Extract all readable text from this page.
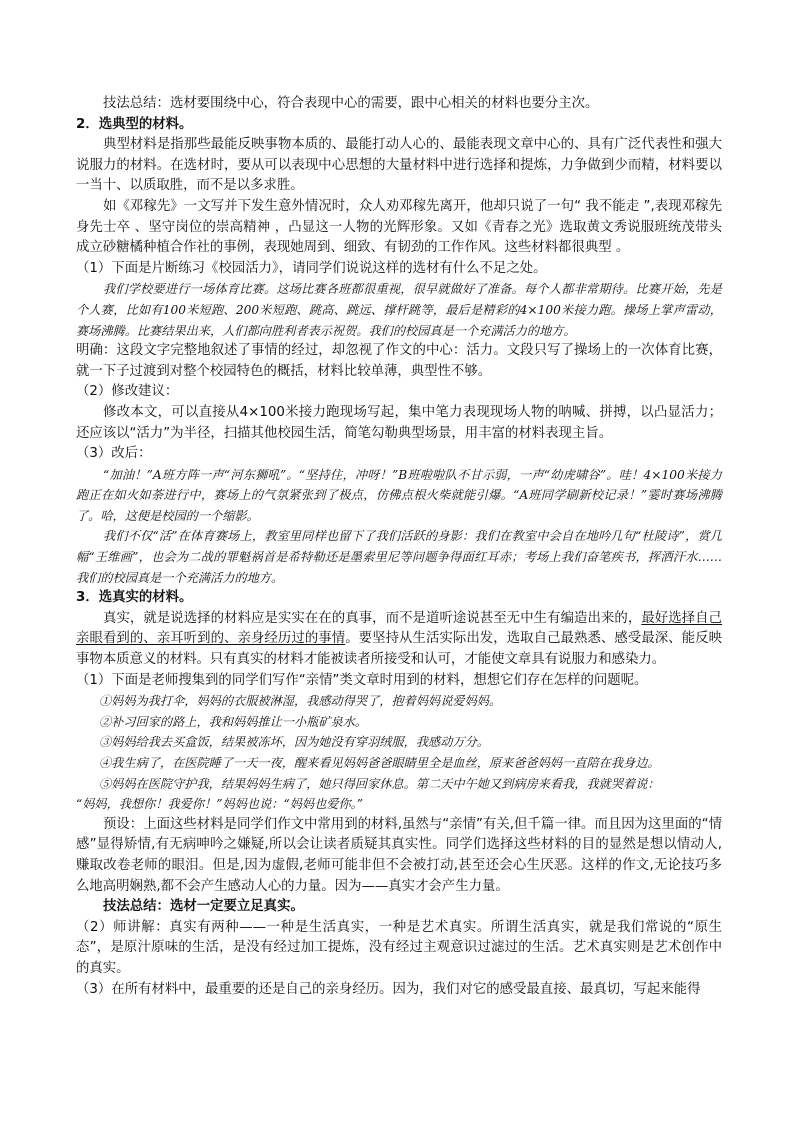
技法总结：选材要围绕中心，符合表现中心的需要，跟中心相关的材料也要分主次。

2．选典型的材料。

典型材料是指那些最能反映事物本质的、最能打动人心的、最能表现文章中心的、具有广泛代表性和强大说服力的材料。在选材时，要从可以表现中心思想的大量材料中进行选择和提炼，力争做到少而精，材料要以一当十、以质取胜，而不是以多求胜。

如《邓稼先》一文写并下发生意外情况时，众人劝邓稼先离开，他却只说了一句“ 我不能走 ”,表现邓稼先身先士卒 、坚守岗位的崇高精神 ，凸显这一人物的光辉形象。又如《青春之光》选取黄文秀说服班统茂带头成立砂糖橘种植合作社的事例，表现她周到、细致、有韧劲的工作作风。这些材料都很典型 。

（1）下面是片断练习《校园活力》，请同学们说说这样的选材有什么不足之处。

我们学校要进行一场体育比赛。这场比赛各班都很重视，很早就做好了准备。每个人都非常期待。比赛开始，先是个人赛，比如有100米短跑、200米短跑、跳高、跳远、撑杆跳等，最后是精彩的4×100米接力跑。操场上掌声雷动，赛场沸腾。比赛结果出来，人们都向胜利者表示祝贺。我们的校园真是一个充满活力的地方。

明确：这段文字完整地叙述了事情的经过，却忽视了作文的中心：活力。文段只写了操场上的一次体育比赛，就一下子过渡到对整个校园特色的概括，材料比较单薄，典型性不够。

（2）修改建议：

修改本文，可以直接从4×100米接力跑现场写起，集中笔力表现现场人物的呐喊、拼搏，以凸显活力；还应该以“活力”为半径，扫描其他校园生活，简笔勾勒典型场景，用丰富的材料表现主旨。

（3）改后：

“加油！”A班方阵一声“河东狮吼”。“坚持住，冲呀！”B班啦啦队不甘示弱，一声“幼虎啸谷”。哇！4×100米接力跑正在如火如荼进行中，赛场上的气氛紧张到了极点，仿佛点根火柴就能引爆。“A班同学刷新校记录！”霎时赛场沸腾了。哈，这便是校园的一个缩影。

我们不仅“活”在体育赛场上，教室里同样也留下了我们活跃的身影：我们在教室中会自在地吟几句“杜陵诗”，赏几幅“王维画”，也会为二战的罪魁祸首是希特勒还是墨索里尼等问题争得面红耳赤；考场上我们奋笔疾书，挥洒汗水……我们的校园真是一个充满活力的地方。

3．选真实的材料。

真实，就是说选择的材料应是实实在在的真事，而不是道听途说甚至无中生有编造出来的，最好选择自己亲眼看到的、亲耳听到的、亲身经历过的事情。要坚持从生活实际出发，选取自己最熟悉、感受最深、能反映事物本质意义的材料。只有真实的材料才能被读者所接受和认可，才能使文章具有说服力和感染力。

（1）下面是老师搜集到的同学们写作“亲情”类文章时用到的材料，想想它们存在怎样的问题呢。

①妈妈为我打伞，妈妈的衣服被淋湿，我感动得哭了，抱着妈妈说爱妈妈。

②补习回家的路上，我和妈妈推让一小瓶矿泉水。

③妈妈给我去买盒饭，结果被冻坏，因为她没有穿羽绒服，我感动万分。

④我生病了，在医院睡了一天一夜，醒来看见妈妈爸爸眼睛里全是血丝，原来爸爸妈妈一直陪在我身边。

⑤妈妈在医院守护我，结果妈妈生病了，她只得回家休息。第二天中午她又到病房来看我，我就哭着说：

“妈妈，我想你！我爱你！”妈妈也说：“妈妈也爱你。”

预设：上面这些材料是同学们作文中常用到的材料,虽然与“亲情”有关,但千篇一律。而且因为这里面的“情感”显得矫情,有无病呻吟之嫌疑,所以会让读者质疑其真实性。同学们选择这些材料的目的显然是想以情动人,赚取改卷老师的眼泪。但是,因为虚假,老师可能非但不会被打动,甚至还会心生厌恶。这样的作文,无论技巧多么地高明娴熟,都不会产生感动人心的力量。因为——真实才会产生力量。

技法总结：选材一定要立足真实。

（2）师讲解：真实有两种——一种是生活真实，一种是艺术真实。所谓生活真实，就是我们常说的“原生态”，是原汁原味的生活，是没有经过加工提炼，没有经过主观意识过滤过的生活。艺术真实则是艺术创作中的真实。

（3）在所有材料中，最重要的还是自己的亲身经历。因为，我们对它的感受最直接、最真切，写起来能得
